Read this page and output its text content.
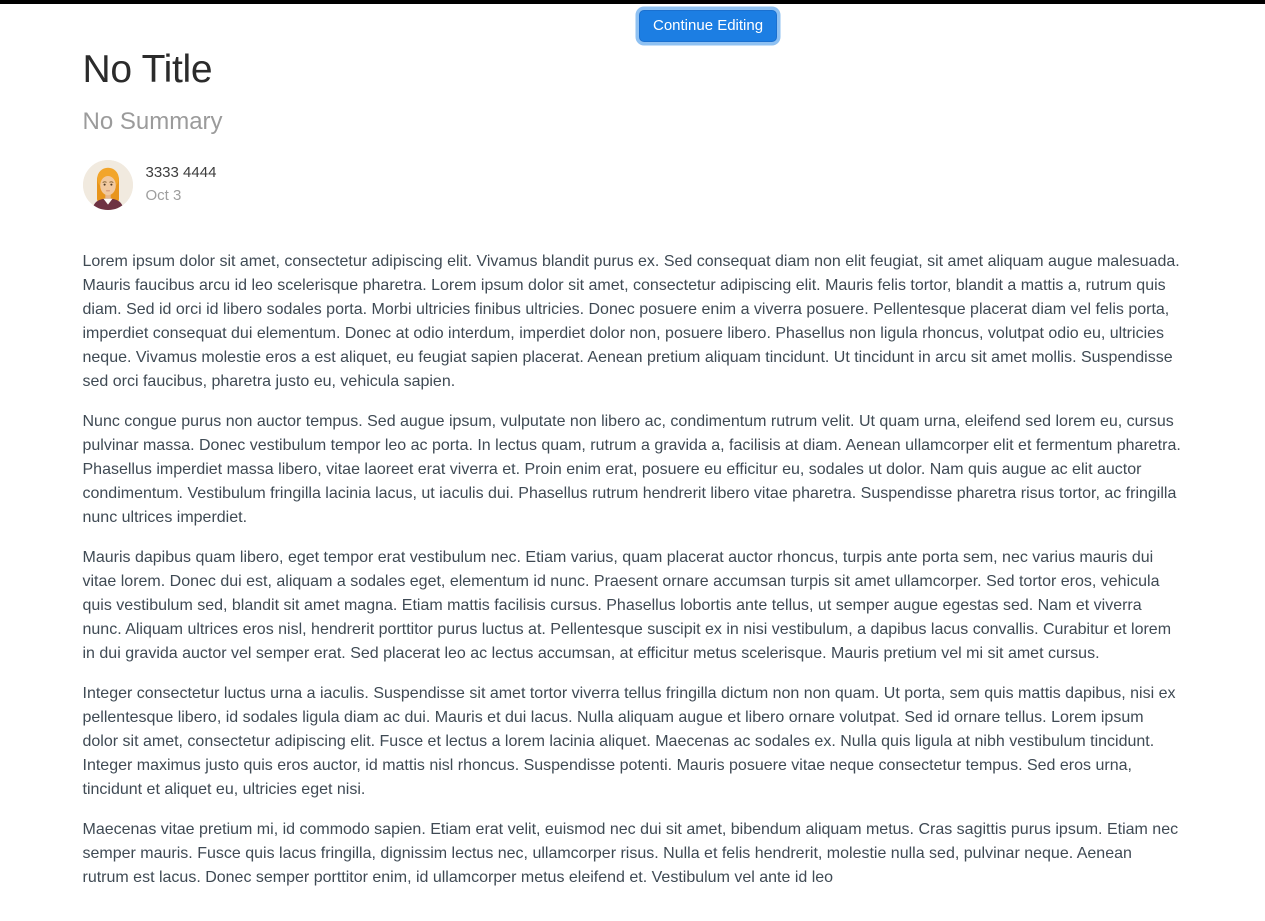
Continue Editing
No Title
No Summary
3333 4444
Oct 3

Lorem ipsum dolor sit amet, consectetur adipiscing elit. Vivamus blandit purus ex. Sed consequat diam non elit feugiat, sit amet aliquam augue malesuada. Mauris faucibus arcu id leo scelerisque pharetra. Lorem ipsum dolor sit amet, consectetur adipiscing elit. Mauris felis tortor, blandit a mattis a, rutrum quis diam. Sed id orci id libero sodales porta. Morbi ultricies finibus ultricies. Donec posuere enim a viverra posuere. Pellentesque placerat diam vel felis porta, imperdiet consequat dui elementum. Donec at odio interdum, imperdiet dolor non, posuere libero. Phasellus non ligula rhoncus, volutpat odio eu, ultricies neque. Vivamus molestie eros a est aliquet, eu feugiat sapien placerat. Aenean pretium aliquam tincidunt. Ut tincidunt in arcu sit amet mollis. Suspendisse sed orci faucibus, pharetra justo eu, vehicula sapien.

Nunc congue purus non auctor tempus. Sed augue ipsum, vulputate non libero ac, condimentum rutrum velit. Ut quam urna, eleifend sed lorem eu, cursus pulvinar massa. Donec vestibulum tempor leo ac porta. In lectus quam, rutrum a gravida a, facilisis at diam. Aenean ullamcorper elit et fermentum pharetra. Phasellus imperdiet massa libero, vitae laoreet erat viverra et. Proin enim erat, posuere eu efficitur eu, sodales ut dolor. Nam quis augue ac elit auctor condimentum. Vestibulum fringilla lacinia lacus, ut iaculis dui. Phasellus rutrum hendrerit libero vitae pharetra. Suspendisse pharetra risus tortor, ac fringilla nunc ultrices imperdiet.

Mauris dapibus quam libero, eget tempor erat vestibulum nec. Etiam varius, quam placerat auctor rhoncus, turpis ante porta sem, nec varius mauris dui vitae lorem. Donec dui est, aliquam a sodales eget, elementum id nunc. Praesent ornare accumsan turpis sit amet ullamcorper. Sed tortor eros, vehicula quis vestibulum sed, blandit sit amet magna. Etiam mattis facilisis cursus. Phasellus lobortis ante tellus, ut semper augue egestas sed. Nam et viverra nunc. Aliquam ultrices eros nisl, hendrerit porttitor purus luctus at. Pellentesque suscipit ex in nisi vestibulum, a dapibus lacus convallis. Curabitur et lorem in dui gravida auctor vel semper erat. Sed placerat leo ac lectus accumsan, at efficitur metus scelerisque. Mauris pretium vel mi sit amet cursus.

Integer consectetur luctus urna a iaculis. Suspendisse sit amet tortor viverra tellus fringilla dictum non non quam. Ut porta, sem quis mattis dapibus, nisi ex pellentesque libero, id sodales ligula diam ac dui. Mauris et dui lacus. Nulla aliquam augue et libero ornare volutpat. Sed id ornare tellus. Lorem ipsum dolor sit amet, consectetur adipiscing elit. Fusce et lectus a lorem lacinia aliquet. Maecenas ac sodales ex. Nulla quis ligula at nibh vestibulum tincidunt. Integer maximus justo quis eros auctor, id mattis nisl rhoncus. Suspendisse potenti. Mauris posuere vitae neque consectetur tempus. Sed eros urna, tincidunt et aliquet eu, ultricies eget nisi.

Maecenas vitae pretium mi, id commodo sapien. Etiam erat velit, euismod nec dui sit amet, bibendum aliquam metus. Cras sagittis purus ipsum. Etiam nec semper mauris. Fusce quis lacus fringilla, dignissim lectus nec, ullamcorper risus. Nulla et felis hendrerit, molestie nulla sed, pulvinar neque. Aenean rutrum est lacus. Donec semper porttitor enim, id ullamcorper metus eleifend et. Vestibulum vel ante id leo
